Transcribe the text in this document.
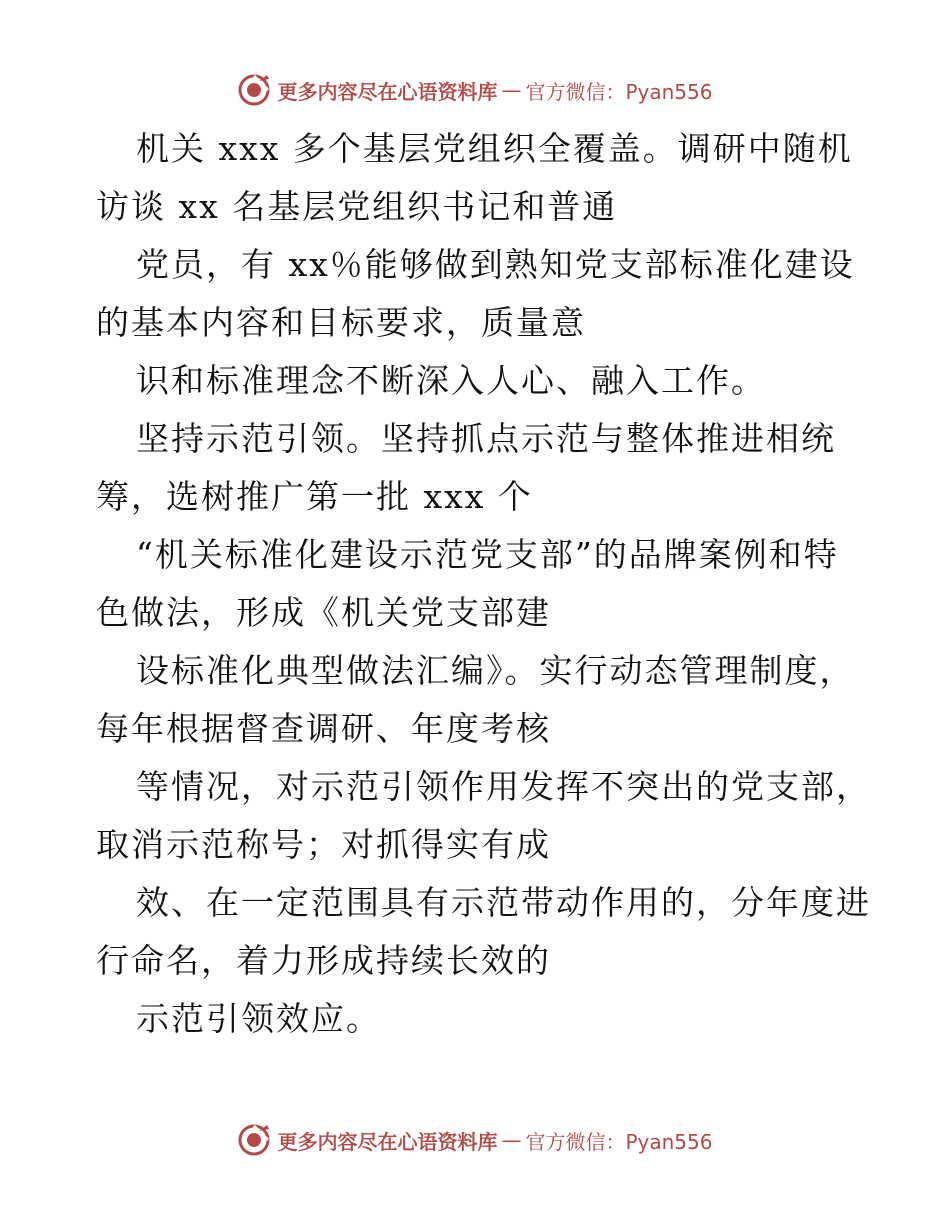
更多内容尽在心语资料库 — 官方微信：Pyan556
机关 xxx 多个基层党组织全覆盖。调研中随机
访谈 xx 名基层党组织书记和普通
党员，有 xx％能够做到熟知党支部标准化建设
的基本内容和目标要求，质量意
识和标准理念不断深入人心、融入工作。
坚持示范引领。坚持抓点示范与整体推进相统
筹，选树推广第一批 xxx 个
“机关标准化建设示范党支部”的品牌案例和特
色做法，形成《机关党支部建
设标准化典型做法汇编》。实行动态管理制度，
每年根据督查调研、年度考核
等情况，对示范引领作用发挥不突出的党支部，
取消示范称号；对抓得实有成
效、在一定范围具有示范带动作用的，分年度进
行命名，着力形成持续长效的
示范引领效应。
更多内容尽在心语资料库 — 官方微信：Pyan556
